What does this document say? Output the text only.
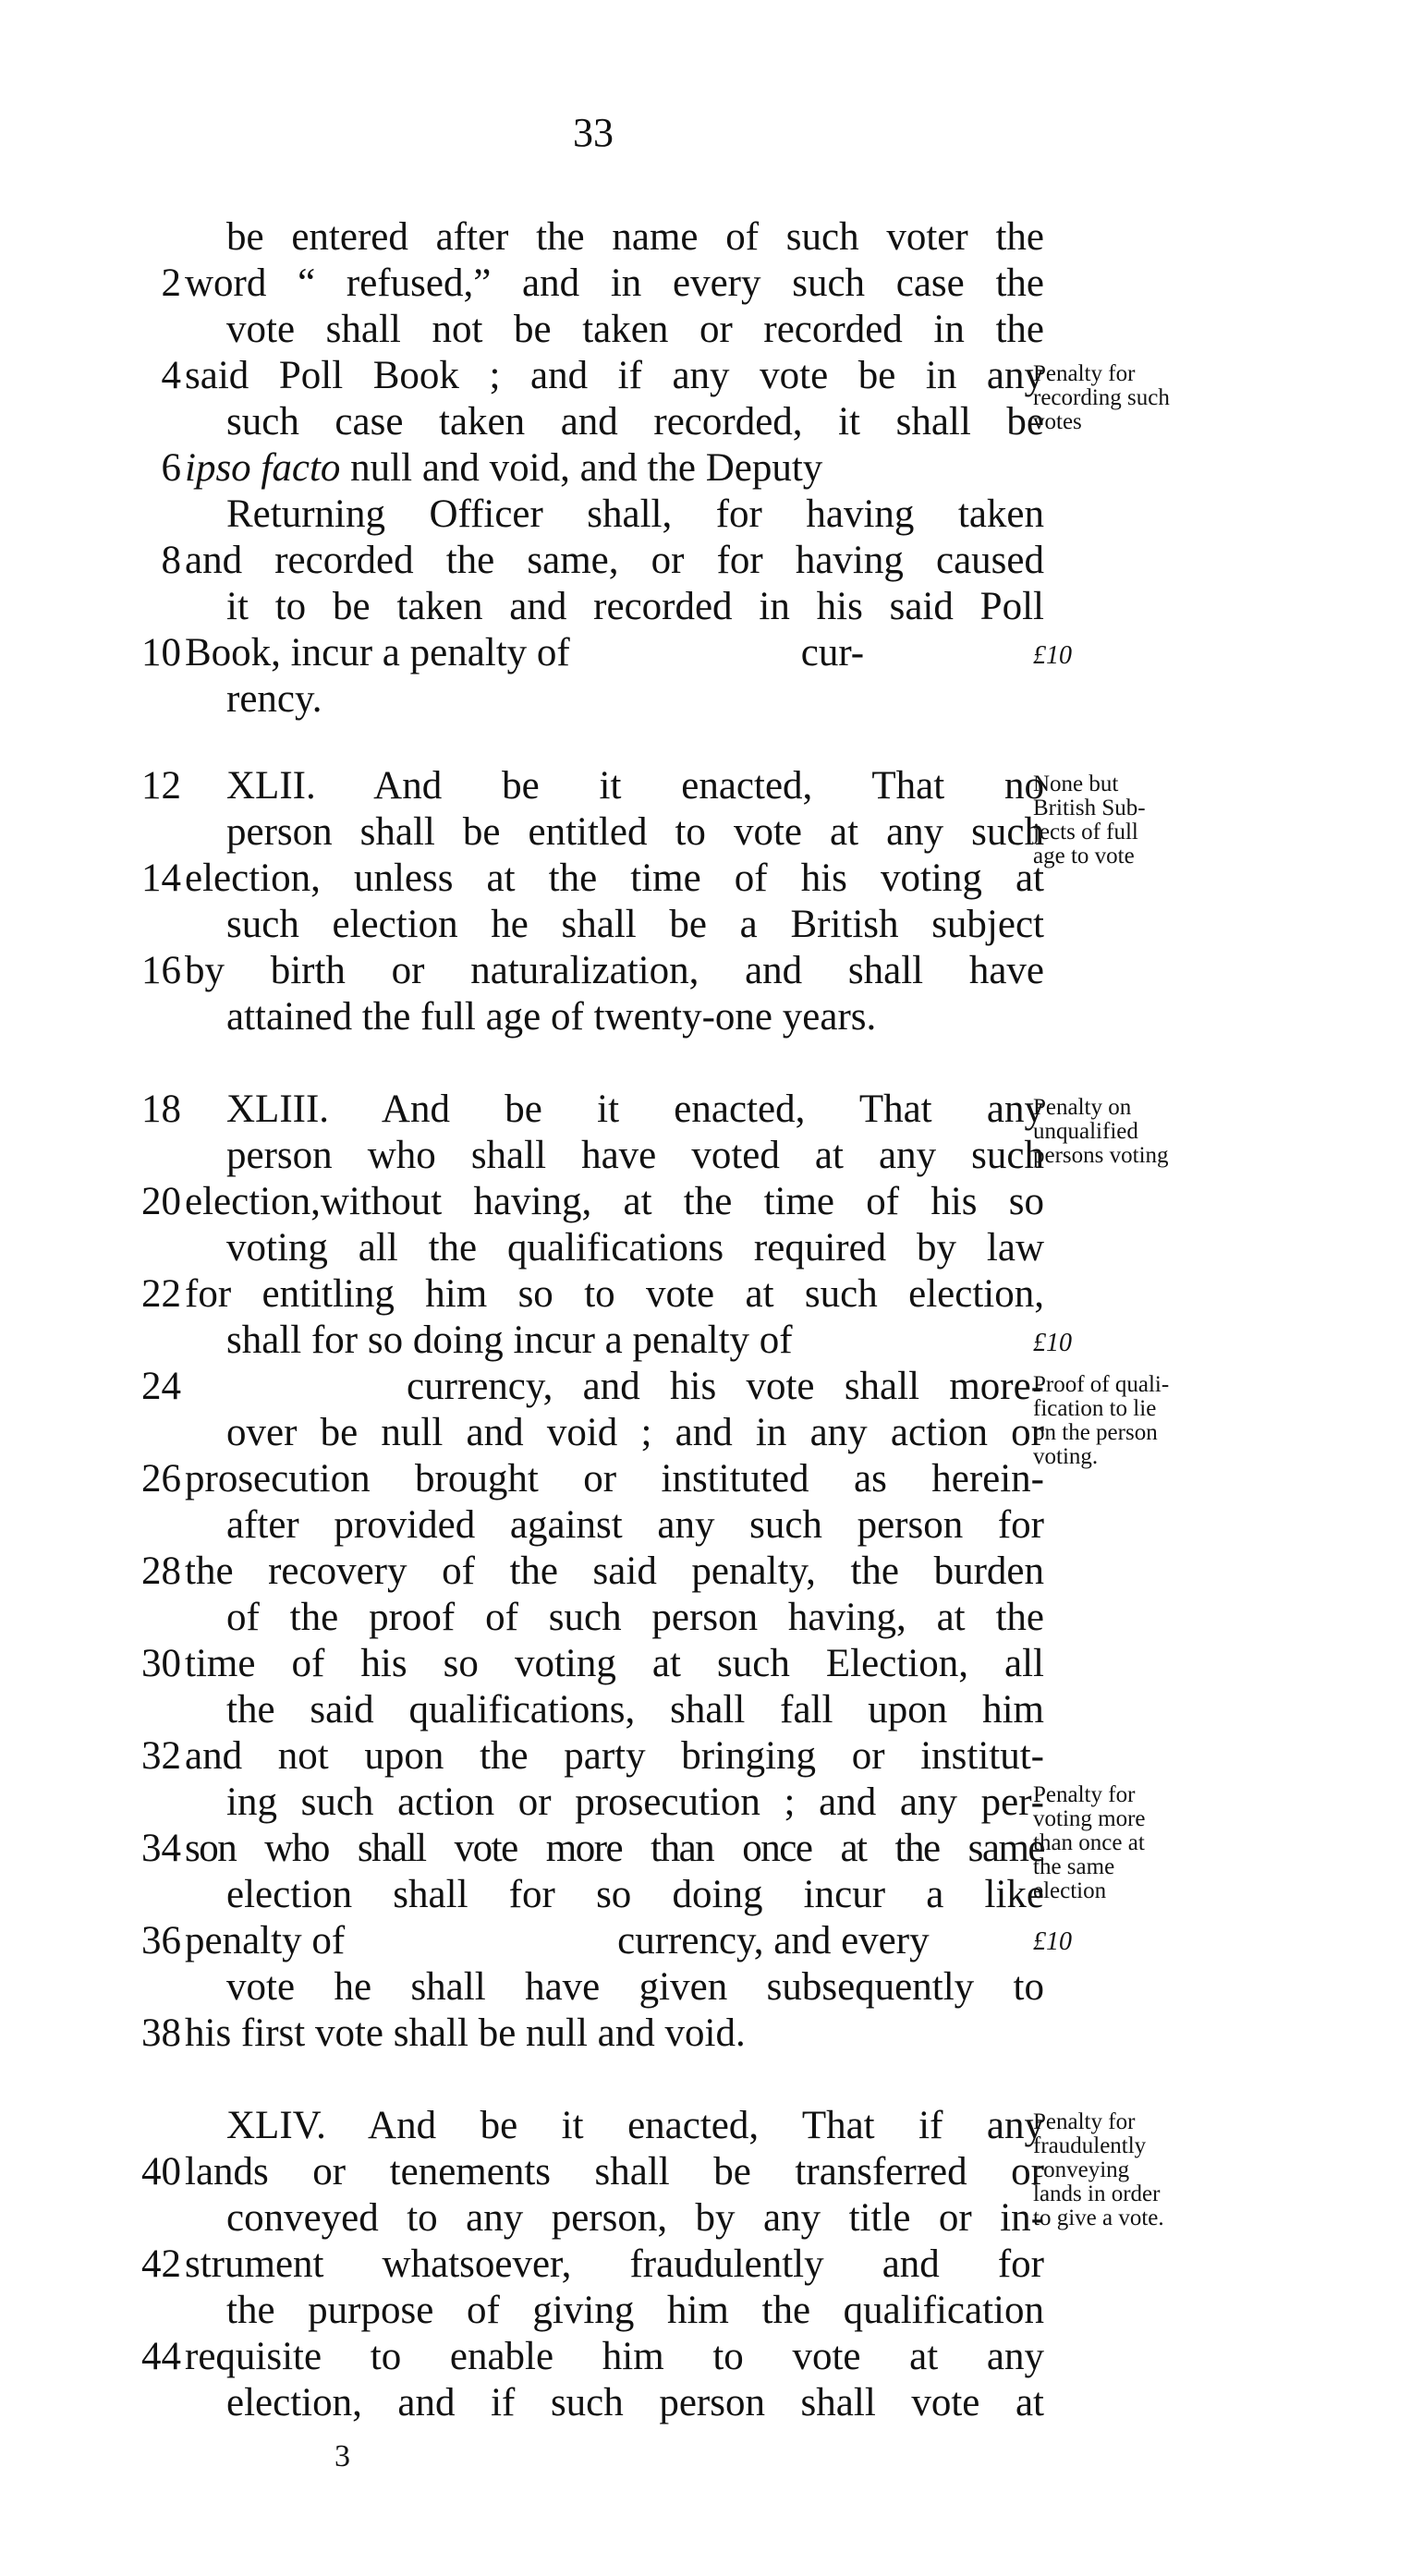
33
be entered after the name of such voter the
2 word “ refused,” and in every such case the
vote shall not be taken or recorded in the
4 said Poll Book ; and if any vote be in any
such case taken and recorded, it shall be
6 ipso facto null and void, and the Deputy
Returning Officer shall, for having taken
8 and recorded the same, or for having caused
it to be taken and recorded in his said Poll
10 Book, incur a penalty of	cur-
rency.
12 XLII. And be it enacted, That no
person shall be entitled to vote at any such
14 election, unless at the time of his voting at
such election he shall be a British subject
16 by birth or naturalization, and shall have
attained the full age of twenty-one years.
18 XLIII. And be it enacted, That any
person who shall have voted at any such
20 election,without having, at the time of his so
voting all the qualifications required by law
22 for entitling him so to vote at such election,
shall for so doing incur a penalty of
24	currency, and his vote shall more-
over be null and void ; and in any action or
26 prosecution brought or instituted as herein-
after provided against any such person for
28 the recovery of the said penalty, the burden
of the proof of such person having, at the
30 time of his so voting at such Election, all
the said qualifications, shall fall upon him
32 and not upon the party bringing or institut-
ing such action or prosecution ; and any per-
34 son who shall vote more than once at the same
election shall for so doing incur a like
36 penalty of	currency, and every
vote he shall have given subsequently to
38 his first vote shall be null and void.
XLIV. And be it enacted, That if any
40 lands or tenements shall be transferred or
conveyed to any person, by any title or in-
42 strument whatsoever, fraudulently and for
the purpose of giving him the qualification
44 requisite to enable him to vote at any
election, and if such person shall vote at
Penalty for
recording such
votes
£10
None but
British Sub-
jects of full
age to vote
Penalty on
unqualified
persons voting
£10
Proof of quali-
fication to lie
on the person
voting.
Penalty for
voting more
than once at
the same
election
£10
Penalty for
fraudulently
conveying
lands in order
to give a vote.
3
